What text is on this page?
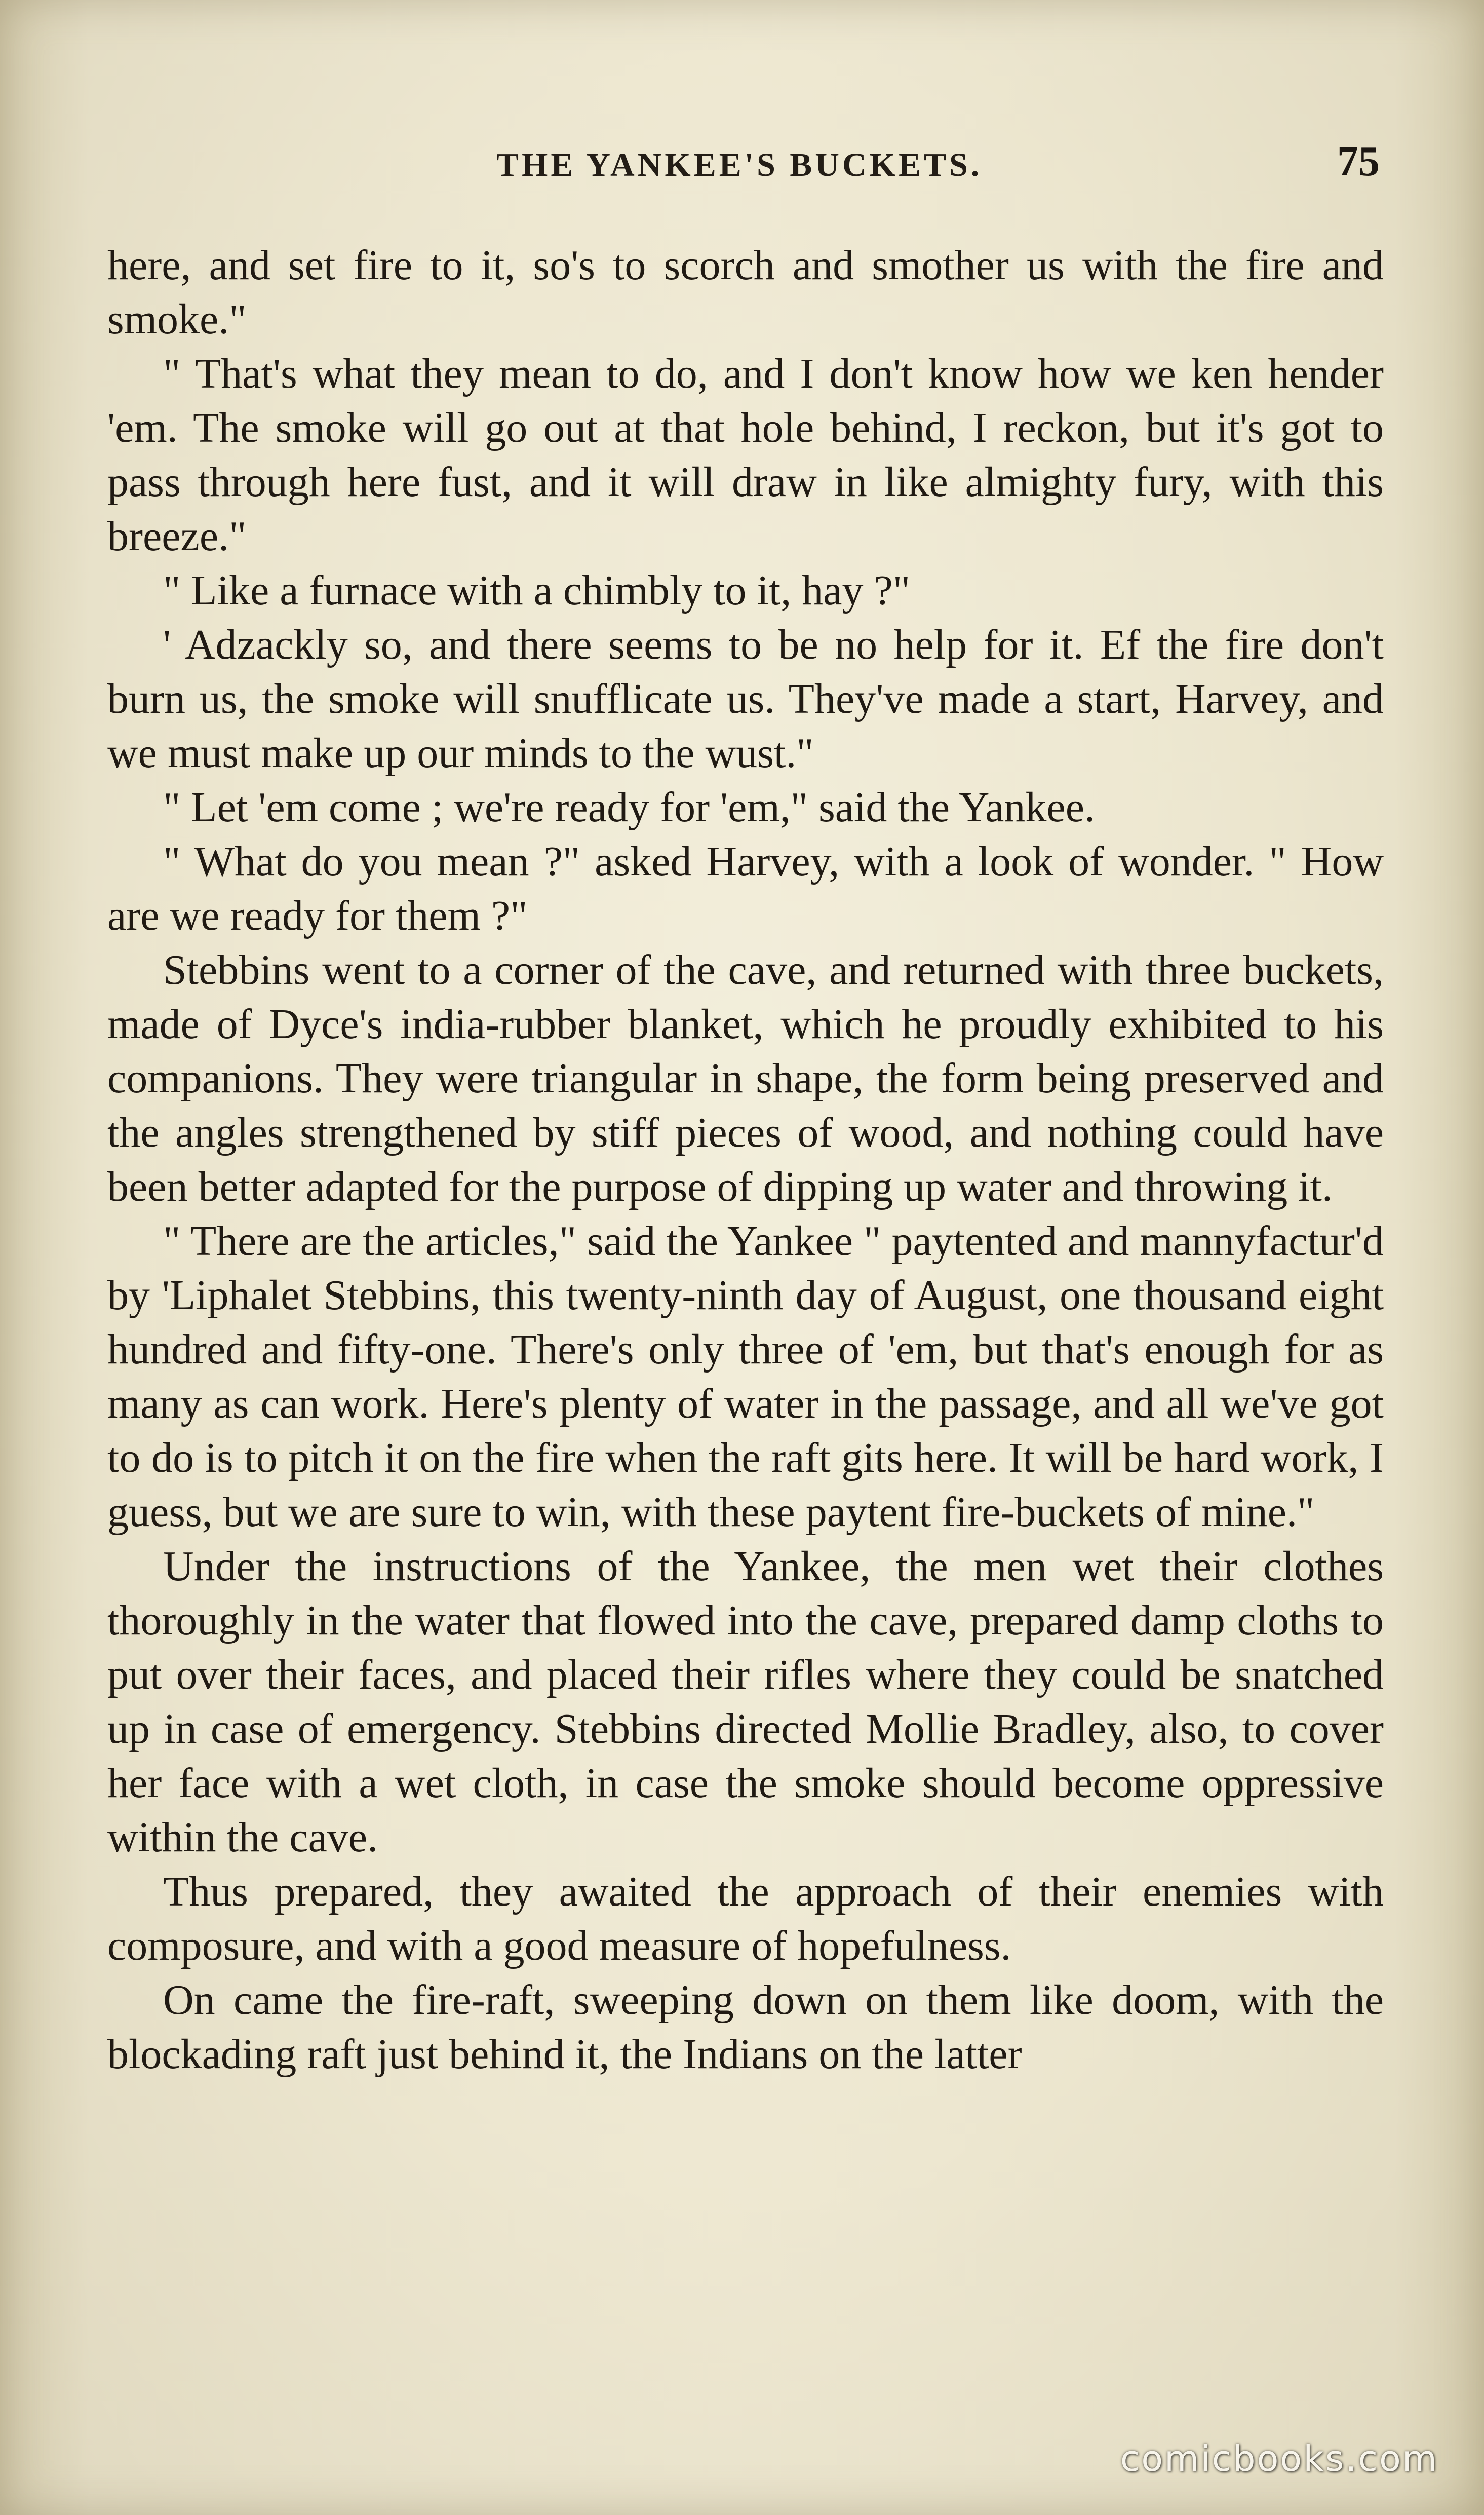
THE YANKEE'S BUCKETS.	75

here, and set fire to it, so's to scorch and smother us with the fire and smoke."

" That's what they mean to do, and I don't know how we ken hender 'em. The smoke will go out at that hole behind, I reckon, but it's got to pass through here fust, and it will draw in like almighty fury, with this breeze."

" Like a furnace with a chimbly to it, hay ?"

' Adzackly so, and there seems to be no help for it. Ef the fire don't burn us, the smoke will snufflicate us. They've made a start, Harvey, and we must make up our minds to the wust."

" Let 'em come ; we're ready for 'em," said the Yankee.

" What do you mean ?" asked Harvey, with a look of wonder. " How are we ready for them ?"

Stebbins went to a corner of the cave, and returned with three buckets, made of Dyce's india-rubber blanket, which he proudly exhibited to his companions. They were triangular in shape, the form being preserved and the angles strengthened by stiff pieces of wood, and nothing could have been better adapted for the purpose of dipping up water and throwing it.

" There are the articles," said the Yankee " paytented and mannyfactur'd by 'Liphalet Stebbins, this twenty-ninth day of August, one thousand eight hundred and fifty-one. There's only three of 'em, but that's enough for as many as can work. Here's plenty of water in the passage, and all we've got to do is to pitch it on the fire when the raft gits here. It will be hard work, I guess, but we are sure to win, with these paytent fire-buckets of mine."

Under the instructions of the Yankee, the men wet their clothes thoroughly in the water that flowed into the cave, prepared damp cloths to put over their faces, and placed their rifles where they could be snatched up in case of emergency. Stebbins directed Mollie Bradley, also, to cover her face with a wet cloth, in case the smoke should become oppressive within the cave.

Thus prepared, they awaited the approach of their enemies with composure, and with a good measure of hopefulness.

On came the fire-raft, sweeping down on them like doom, with the blockading raft just behind it, the Indians on the latter

comicbooks.com
